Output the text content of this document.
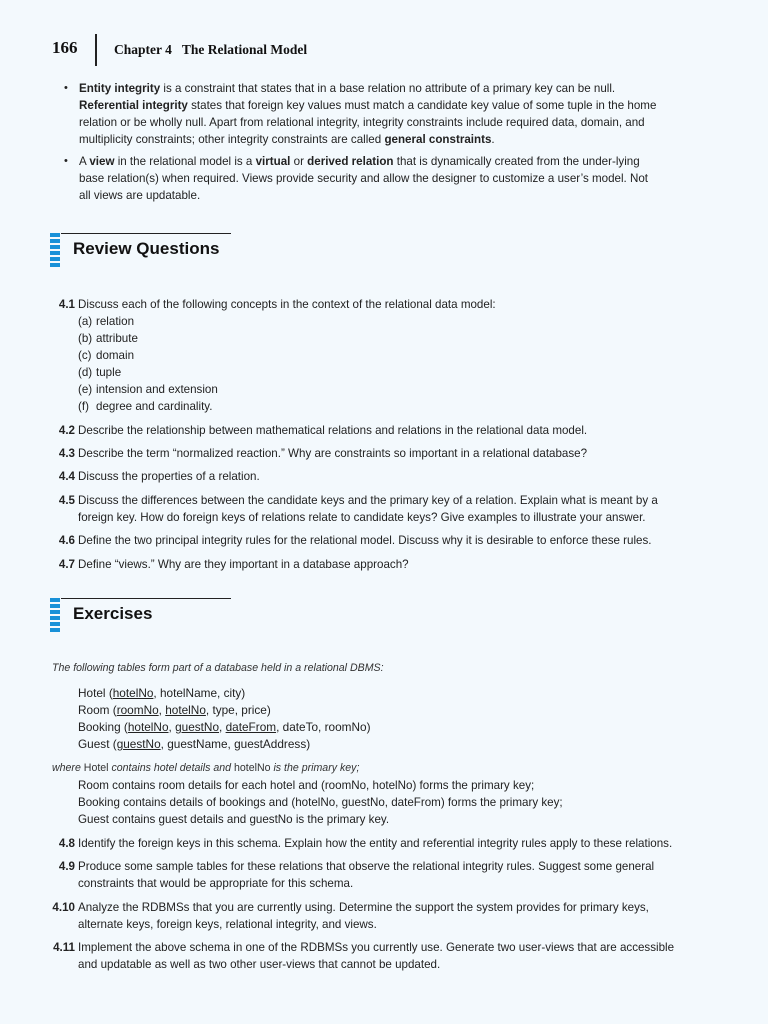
166	Chapter 4 The Relational Model
• Entity integrity is a constraint that states that in a base relation no attribute of a primary key can be null. Referential integrity states that foreign key values must match a candidate key value of some tuple in the home relation or be wholly null. Apart from relational integrity, integrity constraints include required data, domain, and multiplicity constraints; other integrity constraints are called general constraints.
• A view in the relational model is a virtual or derived relation that is dynamically created from the under-lying base relation(s) when required. Views provide security and allow the designer to customize a user’s model. Not all views are updatable.
Review Questions
4.1 Discuss each of the following concepts in the context of the relational data model:
(a) relation
(b) attribute
(c) domain
(d) tuple
(e) intension and extension
(f) degree and cardinality.
4.2 Describe the relationship between mathematical relations and relations in the relational data model.
4.3 Describe the term “normalized reaction.” Why are constraints so important in a relational database?
4.4 Discuss the properties of a relation.
4.5 Discuss the differences between the candidate keys and the primary key of a relation. Explain what is meant by a foreign key. How do foreign keys of relations relate to candidate keys? Give examples to illustrate your answer.
4.6 Define the two principal integrity rules for the relational model. Discuss why it is desirable to enforce these rules.
4.7 Define “views.” Why are they important in a database approach?
Exercises
The following tables form part of a database held in a relational DBMS:
Hotel (hotelNo, hotelName, city)
Room (roomNo, hotelNo, type, price)
Booking (hotelNo, guestNo, dateFrom, dateTo, roomNo)
Guest (guestNo, guestName, guestAddress)
where Hotel contains hotel details and hotelNo is the primary key;
Room contains room details for each hotel and (roomNo, hotelNo) forms the primary key;
Booking contains details of bookings and (hotelNo, guestNo, dateFrom) forms the primary key;
Guest contains guest details and guestNo is the primary key.
4.8 Identify the foreign keys in this schema. Explain how the entity and referential integrity rules apply to these relations.
4.9 Produce some sample tables for these relations that observe the relational integrity rules. Suggest some general constraints that would be appropriate for this schema.
4.10 Analyze the RDBMSs that you are currently using. Determine the support the system provides for primary keys, alternate keys, foreign keys, relational integrity, and views.
4.11 Implement the above schema in one of the RDBMSs you currently use. Generate two user-views that are accessible and updatable as well as two other user-views that cannot be updated.
